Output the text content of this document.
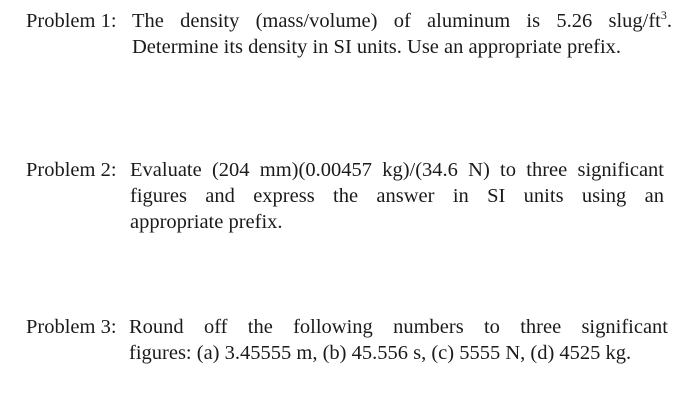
Problem 1: The density (mass/volume) of aluminum is 5.26 slug/$ft^3$.
Determine its density in SI units. Use an appropriate prefix.
Problem 2: Evaluate (204 mm)(0.00457 kg)/(34.6 N) to three significant
figures and express the answer in SI units using an
appropriate prefix.
Problem 3: Round off the following numbers to three significant
figures: (a) 3.45555 m, (b) 45.556 s, (c) 5555 N, (d) 4525 kg.
